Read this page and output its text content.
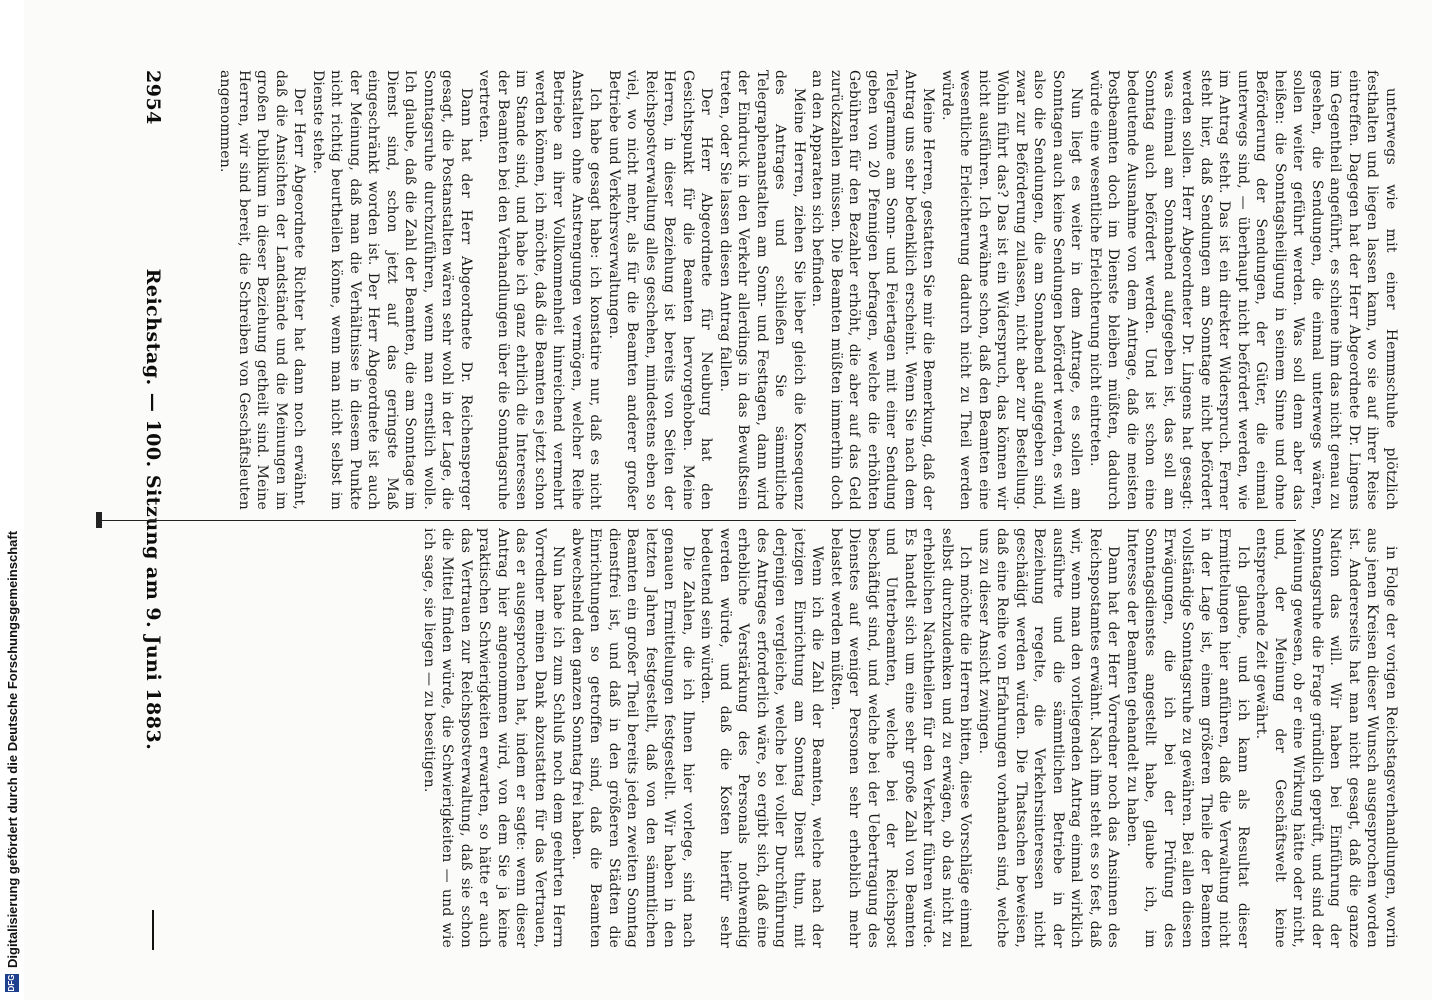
DFG
Digitalisierung gefördert durch die Deutsche Forschungsgemeinschaft
2954
Reichstag. — 100. Sitzung am 9. Juni 1883.	unterwegs wie mit einer Hemmschuhe plötzlich festhalten und liegen lassen kann, wo sie auf ihrer Reise eintreffen. Dagegen hat der Herr Abgeordnete Dr. Lingens im Gegentheil angeführt, es schiene ihm das nicht genau zu gesehen, die Sendungen, die einmal unterwegs wären, sollen weiter geführt werden. Was soll denn aber das heißen: die Sonntagsheiligung in seinem Sinne und ohne Beförderung der Sendungen, der Güter, die einmal unterwegs sind, — überhaupt nicht befördert werden, wie im Antrag steht. Das ist ein direkter Widerspruch. Ferner steht hier, daß Sendungen am Sonntage nicht befördert werden sollen. Herr Abgeordneter Dr. Lingens hat gesagt: was einmal am Sonnabend aufgegeben ist, das soll am Sonntag auch befördert werden. Und ist schon eine bedeutende Ausnahme von dem Antrage, daß die meisten Postbeamten doch im Dienste bleiben müßten, dadurch würde eine wesentliche Erleichterung nicht eintreten.

Nun liegt es weiter in dem Antrage, es sollen am Sonntagen auch keine Sendungen befördert werden, es will also die Sendungen, die am Sonnabend aufgegeben sind, zwar zur Beförderung zulassen, nicht aber zur Bestellung. Wohin führt das? Das ist ein Widerspruch, das können wir nicht ausführen. Ich erwähne schon, daß den Beamten eine wesentliche Erleichterung dadurch nicht zu Theil werden würde.

Meine Herren, gestatten Sie mir die Bemerkung, daß der Antrag uns sehr bedenklich erscheint. Wenn Sie nach dem Telegramme am Sonn- und Feiertagen mit einer Sendung geben von 20 Pfennigen befragen, welche die erhöhten Gebühren für den Bezahler erhöht, die aber auf das Geld zurückzahlen müssen. Die Beamten müßten immerhin doch an den Apparaten sich befinden.

Meine Herren, ziehen Sie lieber gleich die Konsequenz des Antrages und schließen Sie sämmtliche Telegraphenanstalten am Sonn- und Festtagen, dann wird der Eindruck in den Verkehr allerdings in das Bewußtsein treten, oder Sie lassen diesen Antrag fallen.

Der Herr Abgeordnete für Neuburg hat den Gesichtspunkt für die Beamten hervorgehoben. Meine Herren, in dieser Beziehung ist bereits von Seiten der Reichspostverwaltung alles geschehen, mindestens eben so viel, wo nicht mehr, als für die Beamten anderer großer Betriebe und Verkehrsverwaltungen.

Ich habe gesagt habe: ich konstatire nur, daß es nicht Anstalten ohne Anstrengungen vermögen, welcher Reihe Betriebe an ihrer Vollkommenheit hinreichend vermehrt werden können, ich möchte, daß die Beamten es jetzt schon im Stande sind, und habe ich ganz ehrlich die Interessen der Beamten bei den Verhandlungen über die Sonntagsruhe vertreten.

Dann hat der Herr Abgeordnete Dr. Reichensperger gesagt, die Postanstalten wären sehr wohl in der Lage, die Sonntagsruhe durchzuführen, wenn man ernstlich wolle. Ich glaube, daß die Zahl der Beamten, die am Sonntage im Dienst sind, schon jetzt auf das geringste Maß eingeschränkt worden ist. Der Herr Abgeordnete ist auch der Meinung, daß man die Verhältnisse in diesem Punkte nicht richtig beurtheilen könne, wenn man nicht selbst im Dienste stehe.

Der Herr Abgeordnete Richter hat dann noch erwähnt, daß die Ansichten der Landstände und die Meinungen im großen Publikum in dieser Beziehung getheilt sind. Meine Herren, wir sind bereit, die Schreiben von Geschäftsleuten angenommen.

in Folge der vorigen Reichstagsverhandlungen, worin aus jenen Kreisen dieser Wunsch ausgesprochen worden ist. Andererseits hat man nicht gesagt, daß die ganze Nation das will. Wir haben bei Einführung der Sonntagsruhe die Frage gründlich geprüft, und sind der Meinung gewesen, ob er eine Wirkung hätte oder nicht, und, der Meinung der Geschäftswelt keine entsprechende Zeit gewährt.

Ich glaube, und ich kann als Resultat dieser Ermittelungen hier anführen, daß die Verwaltung nicht in der Lage ist, einem größeren Theile der Beamten vollständige Sonntagsruhe zu gewähren. Bei allen diesen Erwägungen, die ich bei der Prüfung des Sonntagsdienstes angestellt habe, glaube ich, im Interesse der Beamten gehandelt zu haben.

Dann hat der Herr Vorredner noch das Ansinnen des Reichspostamtes erwähnt. Nach ihm steht es so fest, daß wir, wenn man den vorliegenden Antrag einmal wirklich ausführte und die sämmtlichen Betriebe in der Beziehung regelte, die Verkehrsinteressen nicht geschädigt werden würden. Die Thatsachen beweisen, daß eine Reihe von Erfahrungen vorhanden sind, welche uns zu dieser Ansicht zwingen.

Ich möchte die Herren bitten, diese Vorschläge einmal selbst durchzudenken und zu erwägen, ob das nicht zu erheblichen Nachtheilen für den Verkehr führen würde. Es handelt sich um eine sehr große Zahl von Beamten und Unterbeamten, welche bei der Reichspost beschäftigt sind, und welche bei der Uebertragung des Dienstes auf weniger Personen sehr erheblich mehr belastet werden müßten.

Wenn ich die Zahl der Beamten, welche nach der jetzigen Einrichtung am Sonntag Dienst thun, mit derjenigen vergleiche, welche bei voller Durchführung des Antrages erforderlich wäre, so ergibt sich, daß eine erhebliche Verstärkung des Personals nothwendig werden würde, und daß die Kosten hierfür sehr bedeutend sein würden.

Die Zahlen, die ich Ihnen hier vorlege, sind nach genauen Ermittelungen festgestellt. Wir haben in den letzten Jahren festgestellt, daß von den sämmtlichen Beamten ein großer Theil bereits jeden zweiten Sonntag dienstfrei ist, und daß in den größeren Städten die Einrichtungen so getroffen sind, daß die Beamten abwechselnd den ganzen Sonntag frei haben.

Nun habe ich zum Schluß noch dem geehrten Herrn Vorredner meinen Dank abzustatten für das Vertrauen, das er ausgesprochen hat, indem er sagte: wenn dieser Antrag hier angenommen wird, von dem Sie ja keine praktischen Schwierigkeiten erwarten, so hätte er auch das Vertrauen zur Reichspostverwaltung, daß sie schon die Mittel finden würde, die Schwierigkeiten — und wie ich sage, sie liegen — zu beseitigen.
